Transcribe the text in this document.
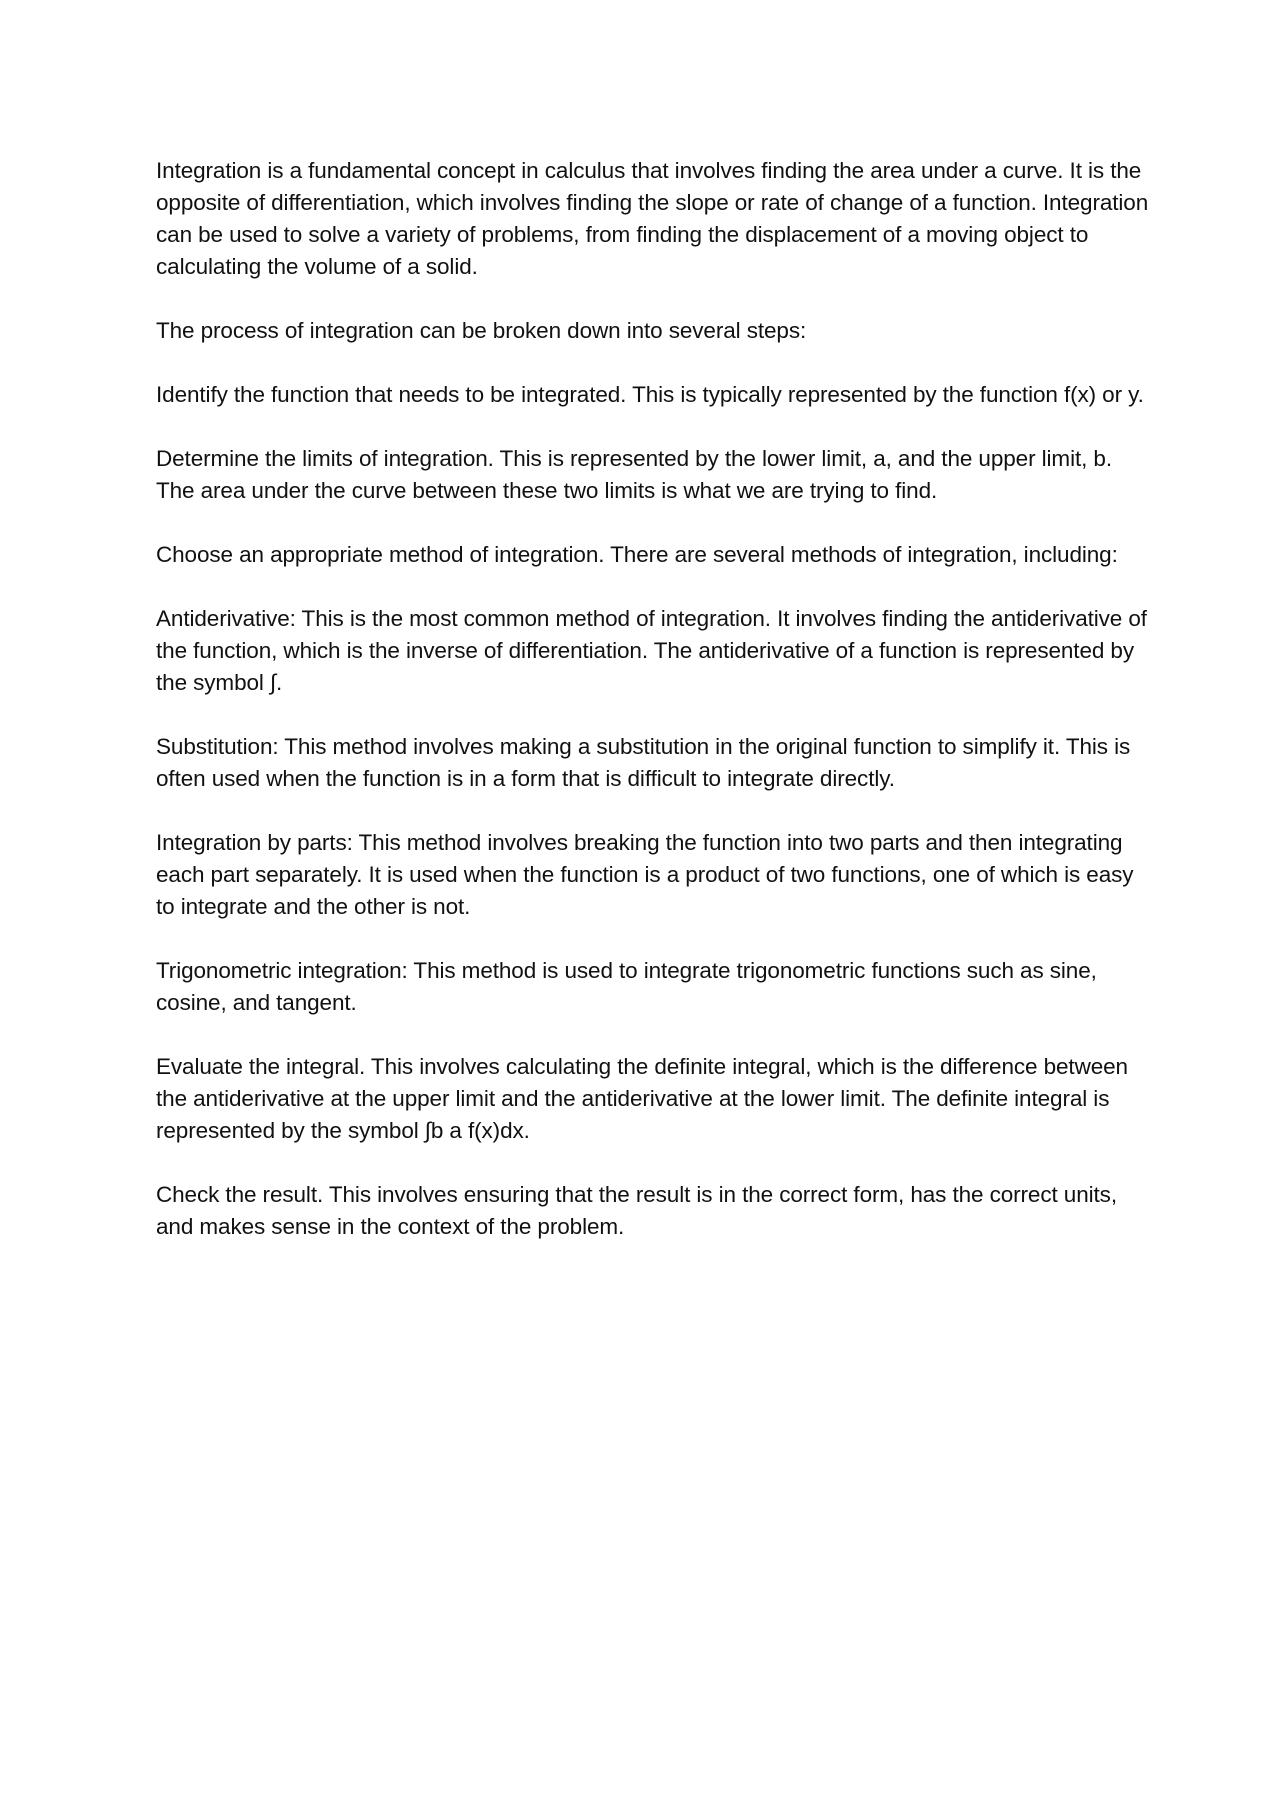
Integration is a fundamental concept in calculus that involves finding the area under a curve. It is the opposite of differentiation, which involves finding the slope or rate of change of a function. Integration can be used to solve a variety of problems, from finding the displacement of a moving object to calculating the volume of a solid.

The process of integration can be broken down into several steps:

Identify the function that needs to be integrated. This is typically represented by the function f(x) or y.

Determine the limits of integration. This is represented by the lower limit, a, and the upper limit, b. The area under the curve between these two limits is what we are trying to find.

Choose an appropriate method of integration. There are several methods of integration, including:

Antiderivative: This is the most common method of integration. It involves finding the antiderivative of the function, which is the inverse of differentiation. The antiderivative of a function is represented by the symbol ∫.

Substitution: This method involves making a substitution in the original function to simplify it. This is often used when the function is in a form that is difficult to integrate directly.

Integration by parts: This method involves breaking the function into two parts and then integrating each part separately. It is used when the function is a product of two functions, one of which is easy to integrate and the other is not.

Trigonometric integration: This method is used to integrate trigonometric functions such as sine, cosine, and tangent.

Evaluate the integral. This involves calculating the definite integral, which is the difference between the antiderivative at the upper limit and the antiderivative at the lower limit. The definite integral is represented by the symbol ∫b a f(x)dx.

Check the result. This involves ensuring that the result is in the correct form, has the correct units, and makes sense in the context of the problem.
